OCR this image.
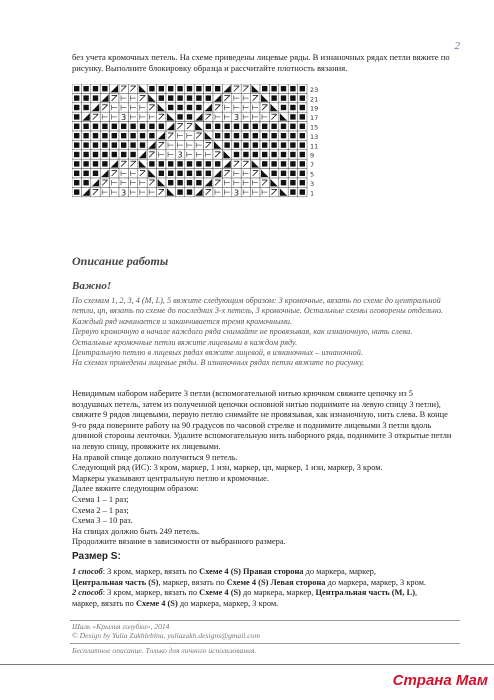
2

без учета кромочных петель. На схеме приведены лицевые ряды. В изнаночных рядах петли вяжите по рисунку. Выполните блокировку образца и рассчитайте плотность вязания.

3	3
3
3	3
23
21
19
17
15
13
11
9
7
5
3
1
Описание работы
Важно!

По схемам 1, 2, 3, 4 (M, L), 5 вяжите следующим образом: 3 кромочные, вязать по схеме до центральной петли, цп, вязать по схеме до последних 3-х петель, 3 кромочные. Остальные схемы оговорены отдельно.

Каждый ряд начинается и заканчивается тремя кромочными.

Первую кромочную в начале каждого ряда снимайте не провязывая, как изнаночную, нить слева.

Остальные кромочные петли вяжите лицевыми в каждом ряду.

Центральную петлю в лицевых рядах вяжите лицевой, в изнаночных – изнаночной.

На схемах приведены лицевые ряды. В изнаночных рядах петли вяжите по рисунку.

Невидимым набором наберите 3 петли (вспомогательной нитью крючком свяжите цепочку из 5 воздушных петель, затем из полученной цепочки основной нитью поднимите на левую спицу 3 петли), свяжите 9 рядов лицевыми, первую петлю снимайте не провязывая, как изнаночную, нить слева. В конце 9-го ряда поверните работу на 90 градусов по часовой стрелке и поднимите лицевыми 3 петли вдоль длинной стороны ленточки. Удалите вспомогательную нить наборного ряда, поднимите 3 открытые петли на левую спицу, провяжите их лицевыми.

На правой спице должно получиться 9 петель.

Следующий ряд (ИС): 3 кром, маркер, 1 изн, маркер, цп, маркер, 1 изн, маркер, 3 кром.

Маркеры указывают центральную петлю и кромочные.

Далее вяжите следующим образом:

Схема 1 – 1 раз;

Схема 2 – 1 раз;

Схема 3 – 10 раз.

На спицах должно быть 249 петель.

Продолжите вязание в зависимости от выбранного размера.

Размер S:

1 способ: 3 кром, маркер, вязать по Схеме 4 (S) Правая сторона до маркера, маркер,
Центральная часть (S), маркер, вязать по Схеме 4 (S) Левая сторона до маркера, маркер, 3 кром.

2 способ: 3 кром, маркер, вязать по Схеме 4 (S) до маркера, маркер, Центральная часть (M, L),
маркер, вязать по Схеме 4 (S) до маркера, маркер, 3 кром.

Шаль «Крылья голубки», 2014

© Design by Yulia Zakhlebina, yuliazakh.designs@gmail.com

Бесплатное описание. Только для личного использования.
Страна Мам
